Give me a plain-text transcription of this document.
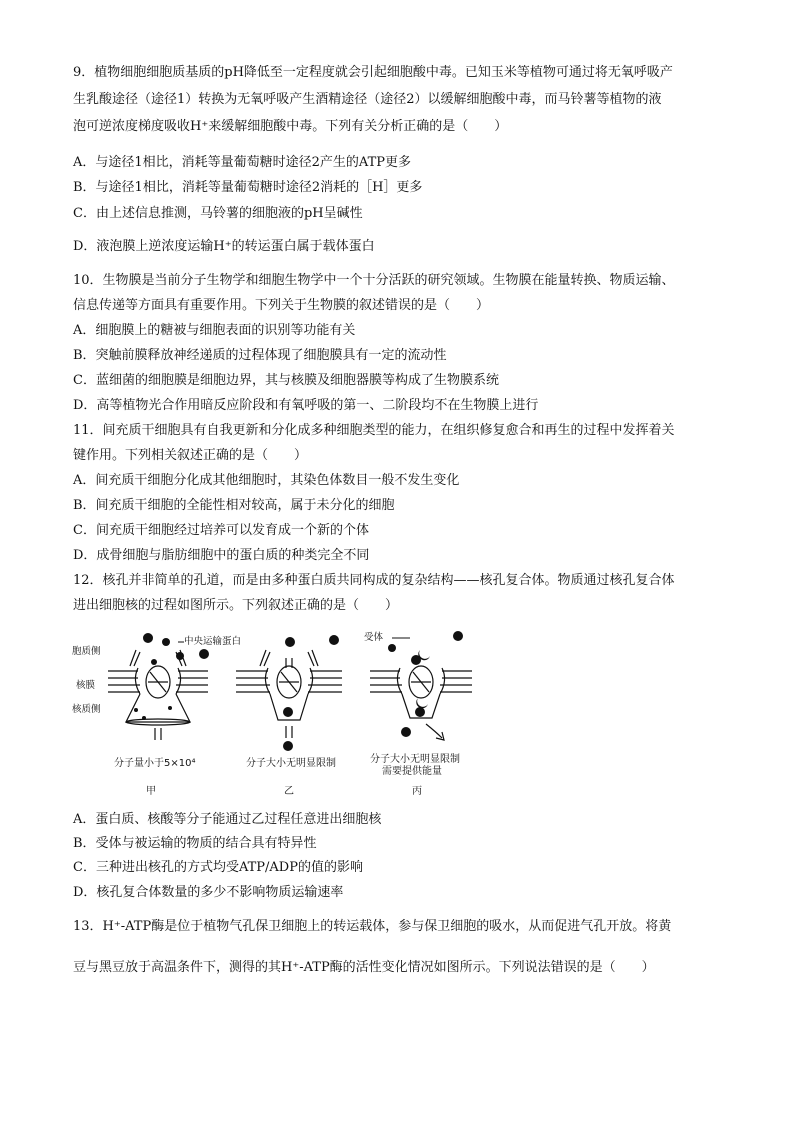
9．植物细胞细胞质基质的pH降低至一定程度就会引起细胞酸中毒。已知玉米等植物可通过将无氧呼吸产
生乳酸途径（途径1）转换为无氧呼吸产生酒精途径（途径2）以缓解细胞酸中毒，而马铃薯等植物的液
泡可逆浓度梯度吸收H⁺来缓解细胞酸中毒。下列有关分析正确的是（　　）
A．与途径1相比，消耗等量葡萄糖时途径2产生的ATP更多
B．与途径1相比，消耗等量葡萄糖时途径2消耗的［H］更多
C．由上述信息推测，马铃薯的细胞液的pH呈碱性
D．液泡膜上逆浓度运输H⁺的转运蛋白属于载体蛋白
10．生物膜是当前分子生物学和细胞生物学中一个十分活跃的研究领域。生物膜在能量转换、物质运输、
信息传递等方面具有重要作用。下列关于生物膜的叙述错误的是（　　）
A．细胞膜上的糖被与细胞表面的识别等功能有关
B．突触前膜释放神经递质的过程体现了细胞膜具有一定的流动性
C．蓝细菌的细胞膜是细胞边界，其与核膜及细胞器膜等构成了生物膜系统
D．高等植物光合作用暗反应阶段和有氧呼吸的第一、二阶段均不在生物膜上进行
11．间充质干细胞具有自我更新和分化成多种细胞类型的能力，在组织修复愈合和再生的过程中发挥着关
键作用。下列相关叙述正确的是（　　）
A．间充质干细胞分化成其他细胞时，其染色体数目一般不发生变化
B．间充质干细胞的全能性相对较高，属于未分化的细胞
C．间充质干细胞经过培养可以发育成一个新的个体
D．成骨细胞与脂肪细胞中的蛋白质的种类完全不同
12．核孔并非简单的孔道，而是由多种蛋白质共同构成的复杂结构——核孔复合体。物质通过核孔复合体
进出细胞核的过程如图所示。下列叙述正确的是（　　）
胞质侧
核膜
核质侧
中央运输蛋白	受体
分子量小于5×10⁴	分子大小无明显限制	分子大小无明显限制
需要提供能量
甲	乙	丙
A．蛋白质、核酸等分子能通过乙过程任意进出细胞核
B．受体与被运输的物质的结合具有特异性
C．三种进出核孔的方式均受ATP/ADP的值的影响
D．核孔复合体数量的多少不影响物质运输速率
13．H⁺-ATP酶是位于植物气孔保卫细胞上的转运载体，参与保卫细胞的吸水，从而促进气孔开放。将黄
豆与黑豆放于高温条件下，测得的其H⁺-ATP酶的活性变化情况如图所示。下列说法错误的是（　　）
